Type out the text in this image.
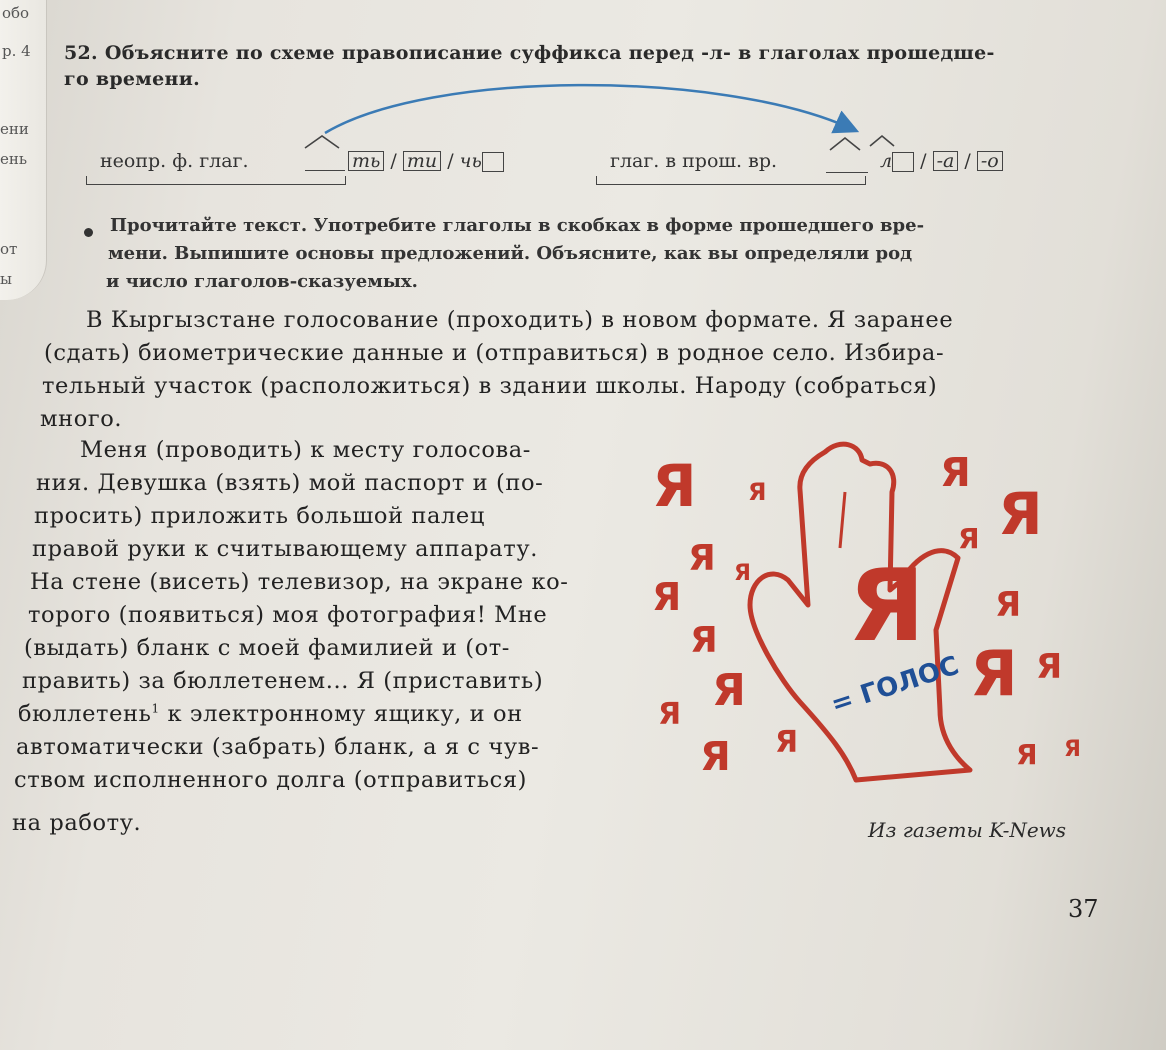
обо
р. 4
ени
ень
от
ы
52. Объясните по схеме правописание суффикса перед -л- в глаголах прошедше-
го времени.
неопр. ф. глаг.	ть / ти / чь	глаг. в прош. вр.	л / -а / -о
Прочитайте текст. Употребите глаголы в скобках в форме прошедшего вре-
мени. Выпишите основы предложений. Объясните, как вы определяли род
и число глаголов-сказуемых.
В Кыргызстане голосование (проходить) в новом формате. Я заранее
(сдать) биометрические данные и (отправиться) в родное село. Избира-
тельный участок (расположиться) в здании школы. Народу (собраться)
много.
Меня (проводить) к месту голосова-
ния. Девушка (взять) мой паспорт и (по-
просить) приложить большой палец
правой руки к считывающему аппарату.
На стене (висеть) телевизор, на экране ко-
торого (появиться) моя фотография! Мне
(выдать) бланк с моей фамилией и (от-
править) за бюллетенем... Я (приставить)
бюллетень$^1$ к электронному ящику, и он
автоматически (забрать) бланк, а я с чув-
ством исполненного долга (отправиться)
на работу.
Я
= ГОЛОС
Я Я
Я Я
Я
Я
Я
Я
Я Я
Я
Я
Я
Я
Я Я
Я Я
Из газеты K-News
37
